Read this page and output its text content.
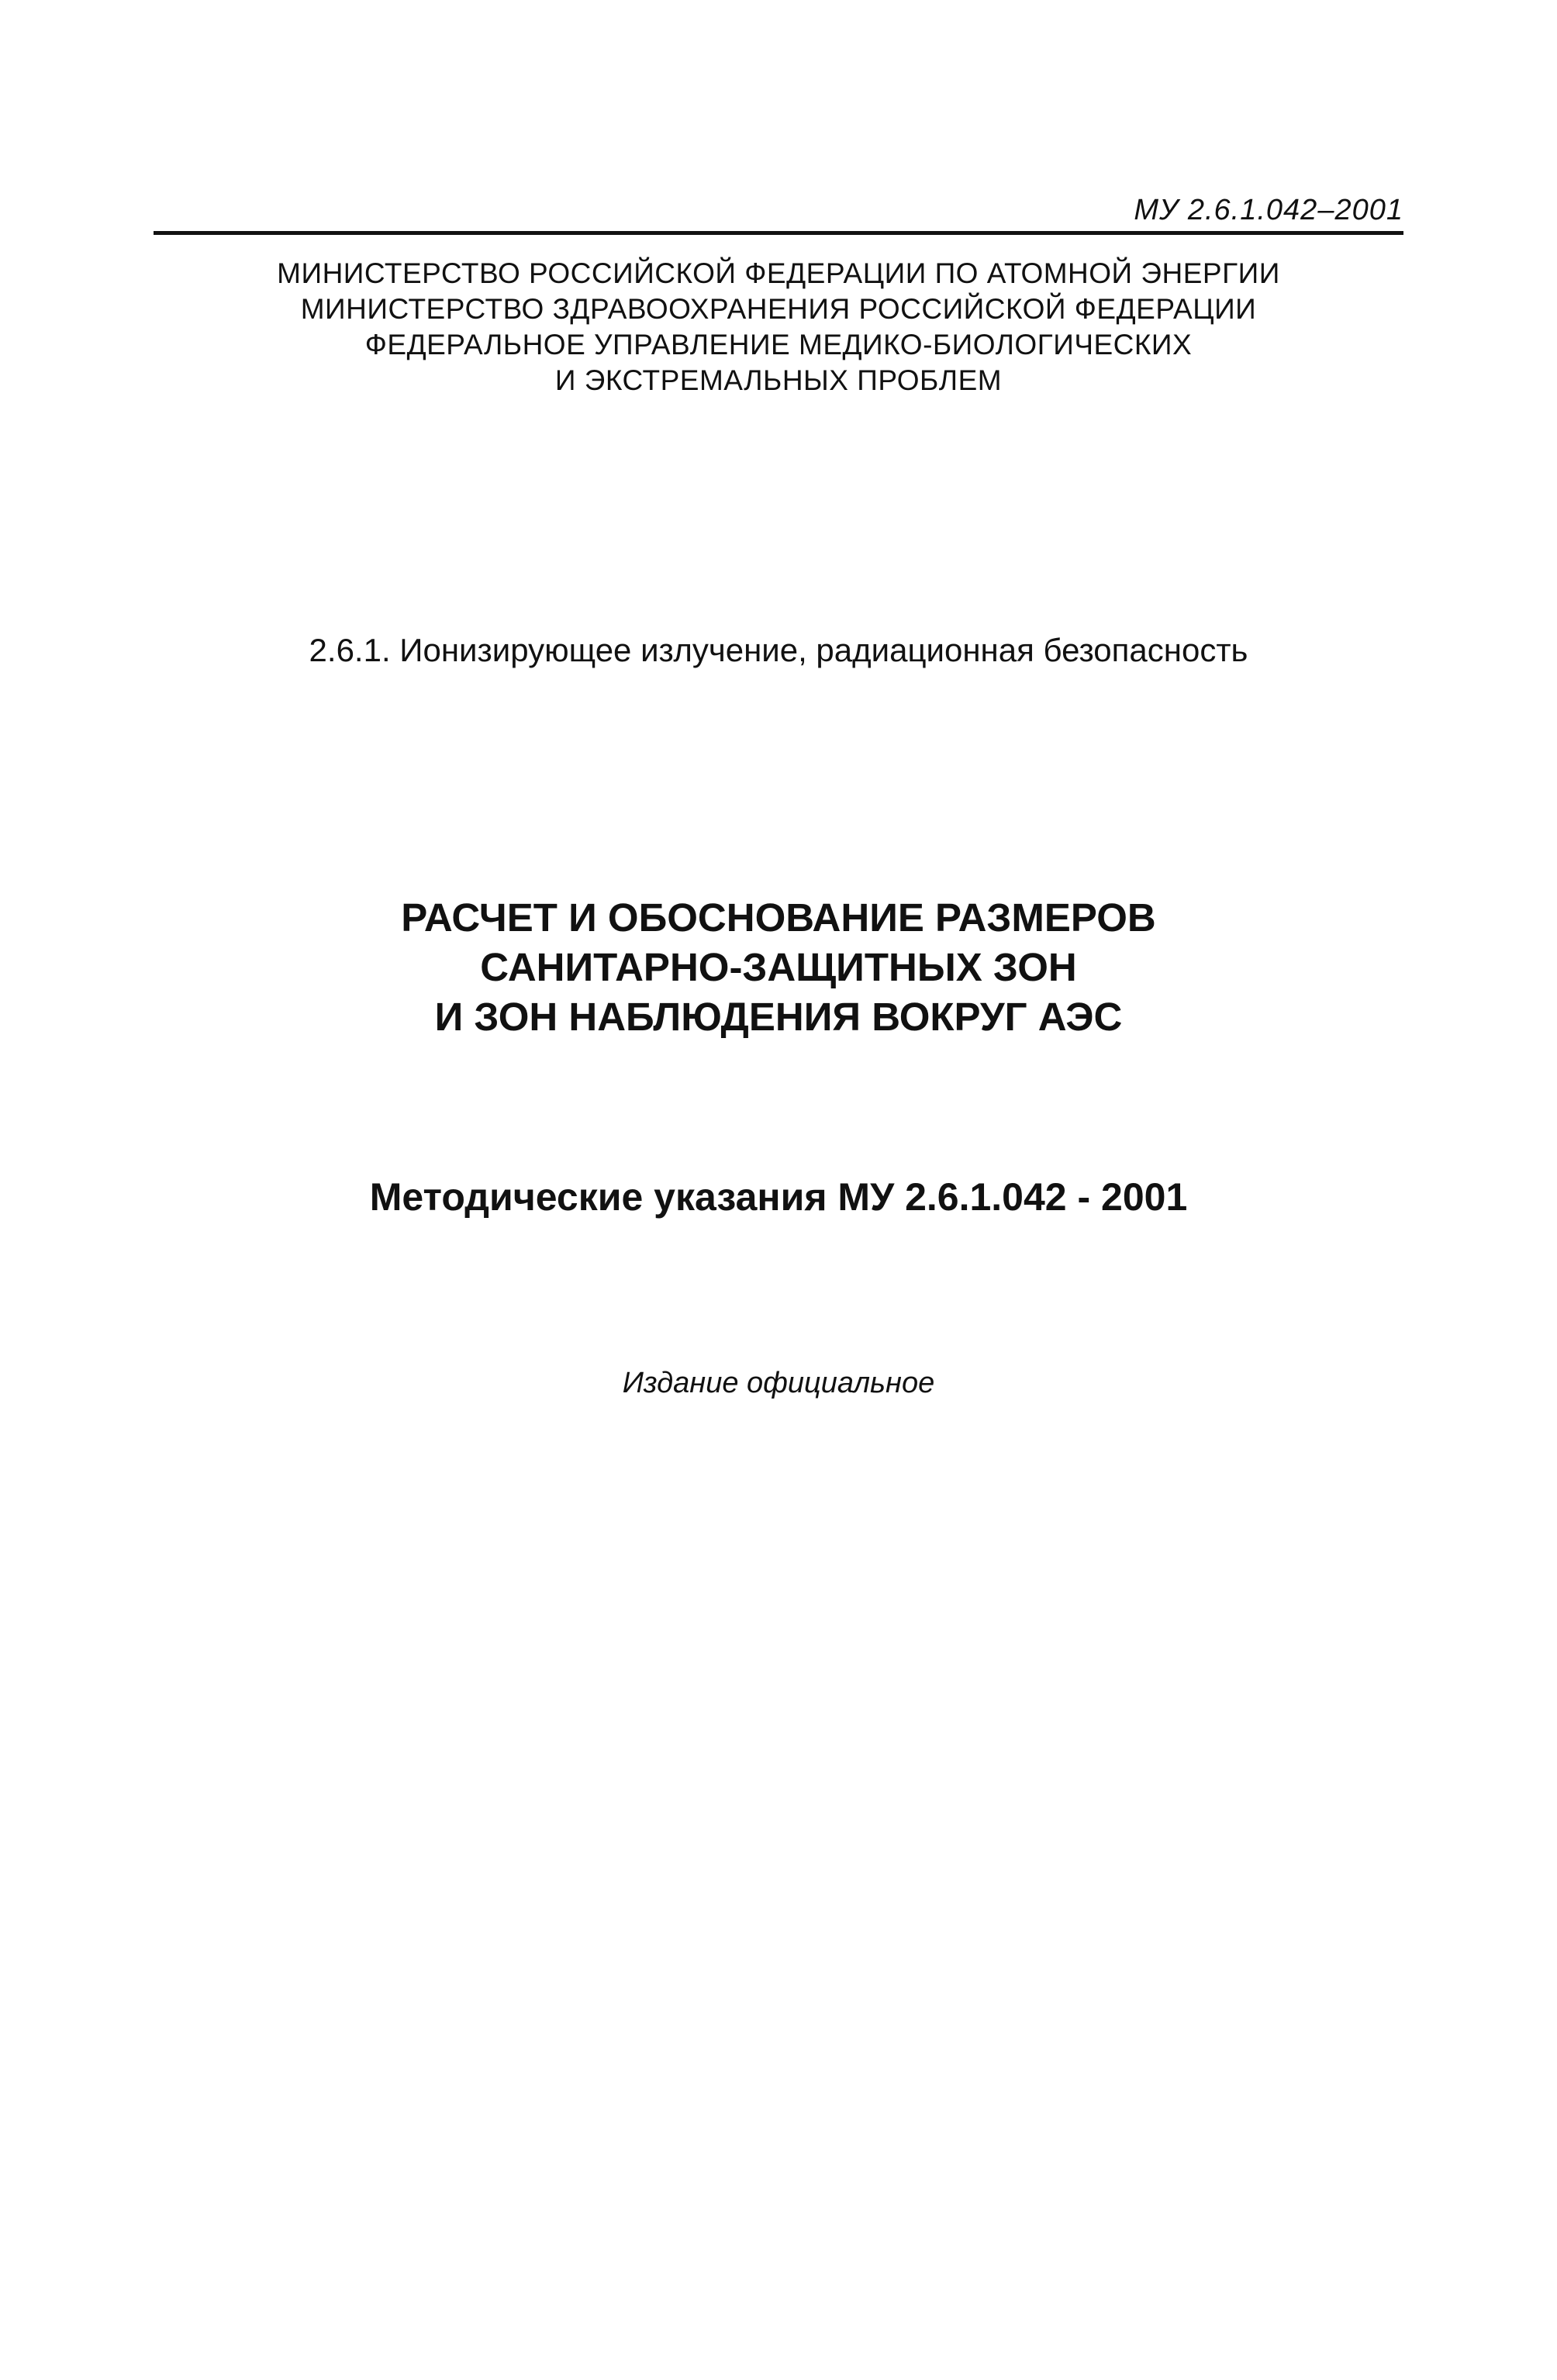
МУ 2.6.1.042–2001
МИНИСТЕРСТВО РОССИЙСКОЙ ФЕДЕРАЦИИ ПО АТОМНОЙ ЭНЕРГИИ
МИНИСТЕРСТВО ЗДРАВООХРАНЕНИЯ РОССИЙСКОЙ ФЕДЕРАЦИИ
ФЕДЕРАЛЬНОЕ УПРАВЛЕНИЕ МЕДИКО-БИОЛОГИЧЕСКИХ
И ЭКСТРЕМАЛЬНЫХ ПРОБЛЕМ
2.6.1. Ионизирующее излучение, радиационная безопасность
РАСЧЕТ И ОБОСНОВАНИЕ РАЗМЕРОВ
САНИТАРНО-ЗАЩИТНЫХ ЗОН
И ЗОН НАБЛЮДЕНИЯ ВОКРУГ АЭС
Методические указания МУ 2.6.1.042 - 2001
Издание официальное
